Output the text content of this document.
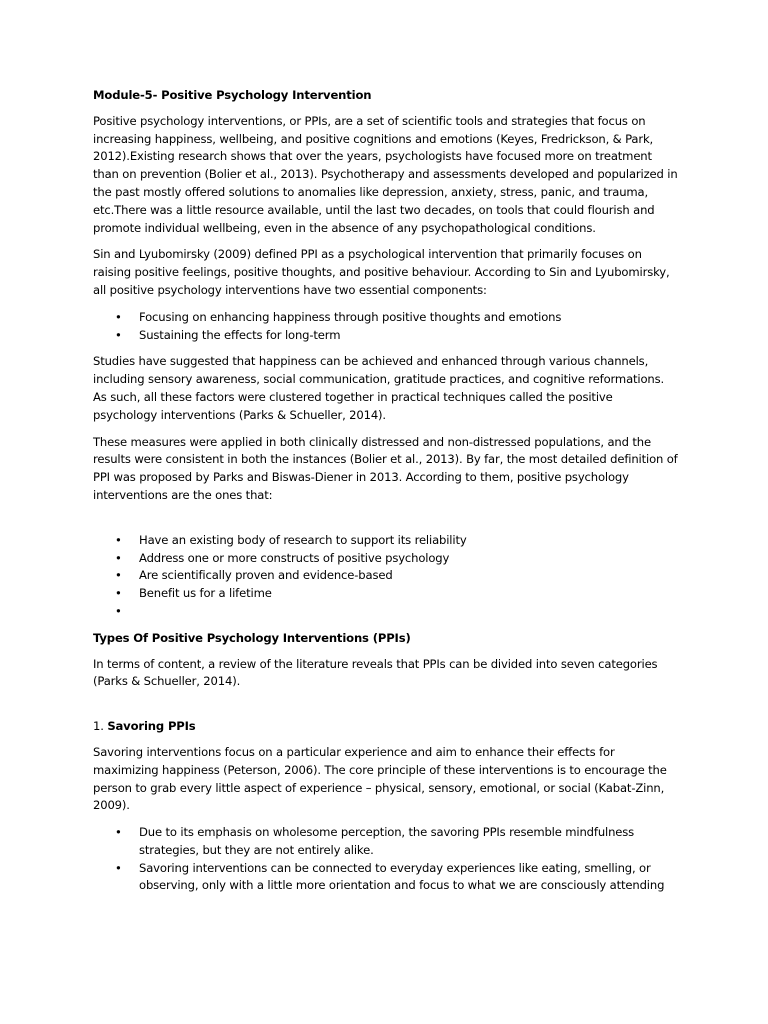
Module-5- Positive Psychology Intervention

Positive psychology interventions, or PPIs, are a set of scientific tools and strategies that focus on increasing happiness, wellbeing, and positive cognitions and emotions (Keyes, Fredrickson, & Park, 2012).Existing research shows that over the years, psychologists have focused more on treatment than on prevention (Bolier et al., 2013). Psychotherapy and assessments developed and popularized in the past mostly offered solutions to anomalies like depression, anxiety, stress, panic, and trauma, etc.There was a little resource available, until the last two decades, on tools that could flourish and promote individual wellbeing, even in the absence of any psychopathological conditions.

Sin and Lyubomirsky (2009) defined PPI as a psychological intervention that primarily focuses on raising positive feelings, positive thoughts, and positive behaviour. According to Sin and Lyubomirsky, all positive psychology interventions have two essential components:

• Focusing on enhancing happiness through positive thoughts and emotions
• Sustaining the effects for long-term

Studies have suggested that happiness can be achieved and enhanced through various channels, including sensory awareness, social communication, gratitude practices, and cognitive reformations. As such, all these factors were clustered together in practical techniques called the positive psychology interventions (Parks & Schueller, 2014).

These measures were applied in both clinically distressed and non-distressed populations, and the results were consistent in both the instances (Bolier et al., 2013). By far, the most detailed definition of PPI was proposed by Parks and Biswas-Diener in 2013. According to them, positive psychology interventions are the ones that:

• Have an existing body of research to support its reliability
• Address one or more constructs of positive psychology
• Are scientifically proven and evidence-based
• Benefit us for a lifetime
•

Types Of Positive Psychology Interventions (PPIs)

In terms of content, a review of the literature reveals that PPIs can be divided into seven categories (Parks & Schueller, 2014).

1. Savoring PPIs

Savoring interventions focus on a particular experience and aim to enhance their effects for maximizing happiness (Peterson, 2006). The core principle of these interventions is to encourage the person to grab every little aspect of experience – physical, sensory, emotional, or social (Kabat-Zinn, 2009).

• Due to its emphasis on wholesome perception, the savoring PPIs resemble mindfulness strategies, but they are not entirely alike.
• Savoring interventions can be connected to everyday experiences like eating, smelling, or observing, only with a little more orientation and focus to what we are consciously attending
